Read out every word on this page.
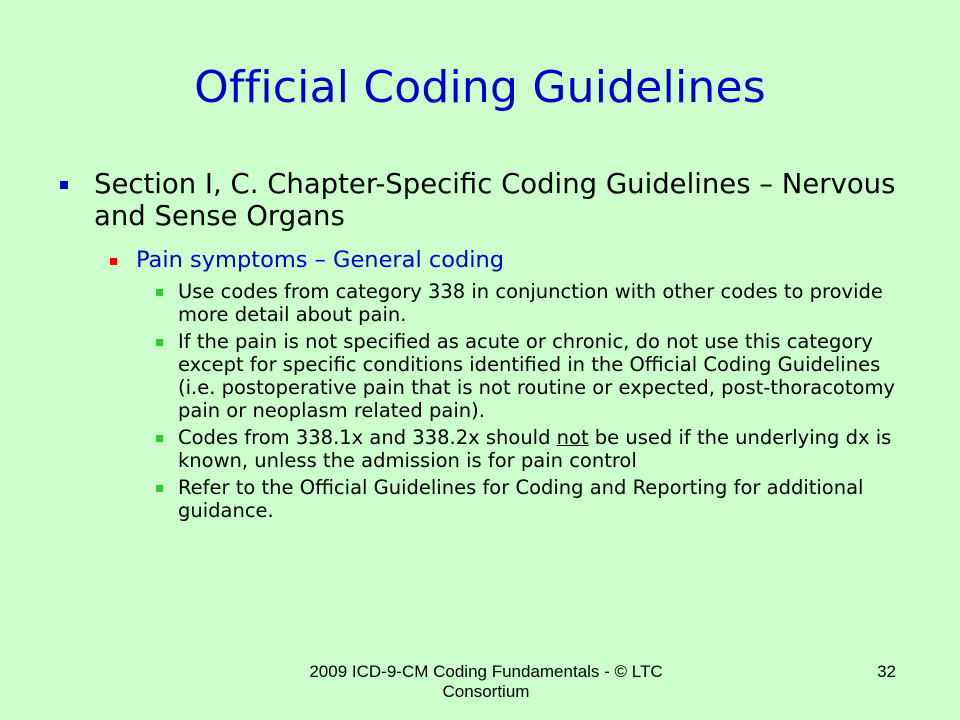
Official Coding Guidelines
Section I, C. Chapter-Specific Coding Guidelines – Nervous and Sense Organs
Pain symptoms – General coding
Use codes from category 338 in conjunction with other codes to provide more detail about pain.
If the pain is not specified as acute or chronic, do not use this category except for specific conditions identified in the Official Coding Guidelines (i.e. postoperative pain that is not routine or expected, post-thoracotomy pain or neoplasm related pain).
Codes from 338.1x and 338.2x should not be used if the underlying dx is known, unless the admission is for pain control
Refer to the Official Guidelines for Coding and Reporting for additional guidance.
2009 ICD-9-CM Coding Fundamentals - © LTC Consortium
32
